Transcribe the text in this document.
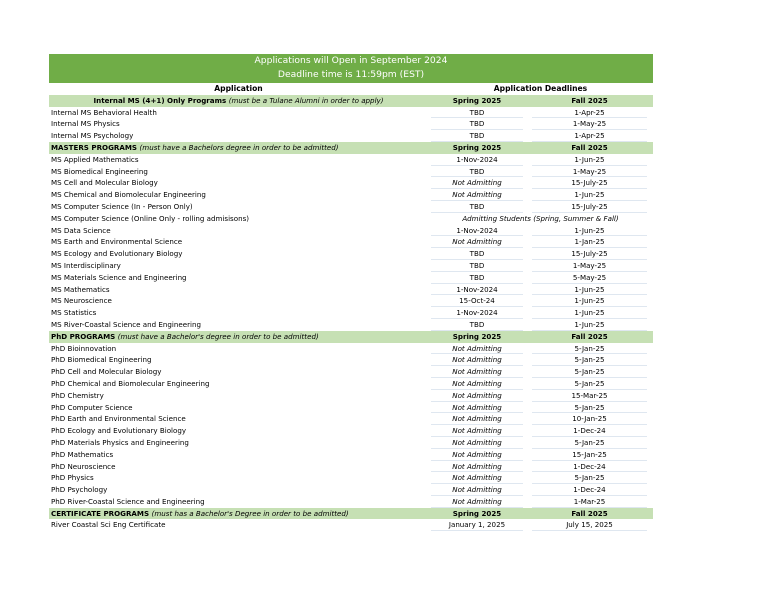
Applications will Open in September 2024
Deadline time is 11:59pm (EST)
Application	Application Deadlines
Internal MS (4+1) Only Programs (must be a Tulane Alumni in order to apply)	Spring 2025	Fall 2025
Internal MS Behavioral Health	TBD	1-Apr-25
Internal MS Physics	TBD	1-May-25
Internal MS Psychology	TBD	1-Apr-25
MASTERS PROGRAMS (must have a Bachelors degree in order to be admitted)	Spring 2025	Fall 2025
MS Applied Mathematics	1-Nov-2024	1-Jun-25
MS Biomedical Engineering	TBD	1-May-25
MS Cell and Molecular Biology	Not Admitting	15-July-25
MS Chemical and Biomolecular Engineering	Not Admitting	1-Jun-25
MS Computer Science (In - Person Only)	TBD	15-July-25
MS Computer Science (Online Only - rolling admisisons)	Admitting Students (Spring, Summer & Fall)
MS Data Science	1-Nov-2024	1-Jun-25
MS Earth and Environmental Science	Not Admitting	1-Jan-25
MS Ecology and Evolutionary Biology	TBD	15-July-25
MS Interdisciplinary	TBD	1-May-25
MS Materials Science and Engineering	TBD	5-May-25
MS Mathematics	1-Nov-2024	1-Jun-25
MS Neuroscience	15-Oct-24	1-Jun-25
MS Statistics	1-Nov-2024	1-Jun-25
MS River-Coastal Science and Engineering	TBD	1-Jun-25
PhD PROGRAMS (must have a Bachelor's degree in order to be admitted)	Spring 2025	Fall 2025
PhD Bioinnovation	Not Admitting	5-Jan-25
PhD Biomedical Engineering	Not Admitting	5-Jan-25
PhD Cell and Molecular Biology	Not Admitting	5-Jan-25
PhD Chemical and Biomolecular Engineering	Not Admitting	5-Jan-25
PhD Chemistry	Not Admitting	15-Mar-25
PhD Computer Science	Not Admitting	5-Jan-25
PhD Earth and Environmental Science	Not Admitting	10-Jan-25
PhD Ecology and Evolutionary Biology	Not Admitting	1-Dec-24
PhD Materials Physics and Engineering	Not Admitting	5-Jan-25
PhD Mathematics	Not Admitting	15-Jan-25
PhD Neuroscience	Not Admitting	1-Dec-24
PhD Physics	Not Admitting	5-Jan-25
PhD Psychology	Not Admitting	1-Dec-24
PhD River-Coastal Science and Engineering	Not Admitting	1-Mar-25
CERTIFICATE PROGRAMS (must has a Bachelor's Degree in order to be admitted)	Spring 2025	Fall 2025
River Coastal Sci Eng Certificate	January 1, 2025	July 15, 2025
